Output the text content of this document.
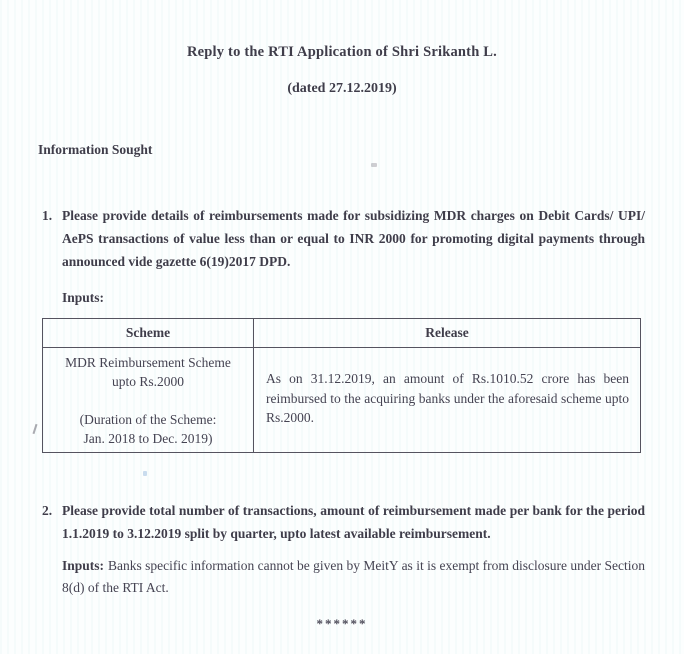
Reply to the RTI Application of Shri Srikanth L.
(dated 27.12.2019)
Information Sought
1. Please provide details of reimbursements made for subsidizing MDR charges on Debit Cards/ UPI/ AePS transactions of value less than or equal to INR 2000 for promoting digital payments through announced vide gazette 6(19)2017 DPD.
Inputs:
Scheme	Release

MDR Reimbursement Scheme
upto Rs.2000
(Duration of the Scheme:
Jan. 2018 to Dec. 2019)	As on 31.12.2019, an amount of Rs.1010.52 crore has been reimbursed to the acquiring banks under the aforesaid scheme upto Rs.2000.
2. Please provide total number of transactions, amount of reimbursement made per bank for the period 1.1.2019 to 3.12.2019 split by quarter, upto latest available reimbursement.
Inputs: Banks specific information cannot be given by MeitY as it is exempt from disclosure under Section 8(d) of the RTI Act.
******
